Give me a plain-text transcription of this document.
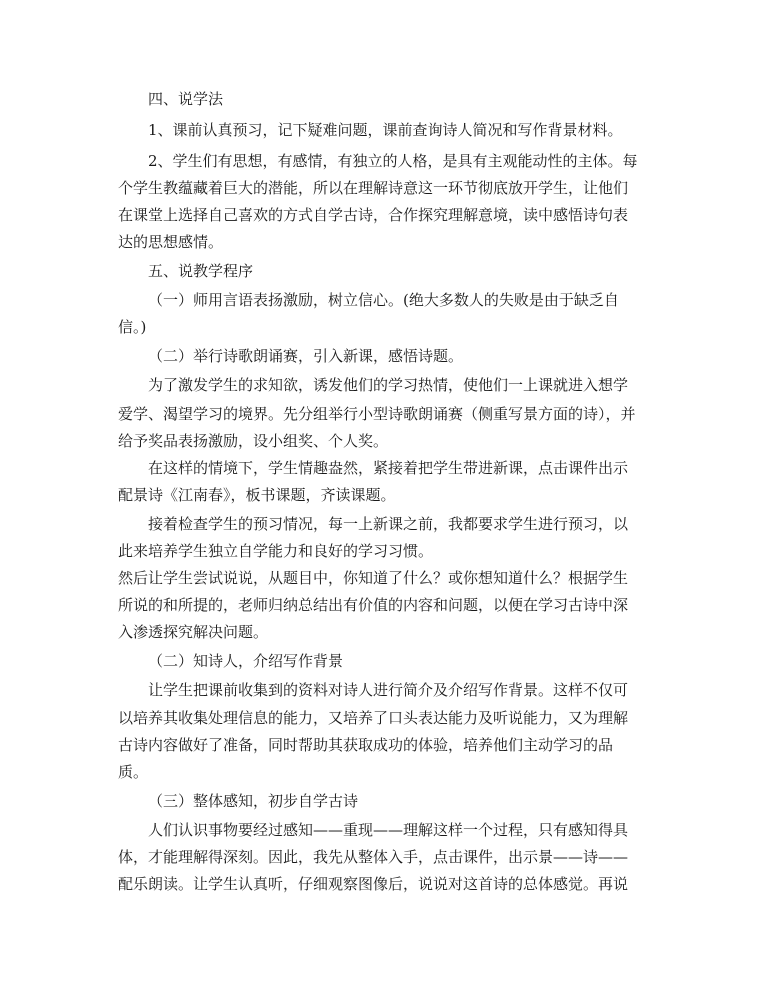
四、说学法

1、课前认真预习，记下疑难问题，课前查询诗人简况和写作背景材料。

2、学生们有思想，有感情，有独立的人格，是具有主观能动性的主体。每

个学生教蕴藏着巨大的潜能，所以在理解诗意这一环节彻底放开学生，让他们

在课堂上选择自己喜欢的方式自学古诗，合作探究理解意境，读中感悟诗句表

达的思想感情。

五、说教学程序

（一）师用言语表扬激励，树立信心。(绝大多数人的失败是由于缺乏自

信。)

（二）举行诗歌朗诵赛，引入新课，感悟诗题。

为了激发学生的求知欲，诱发他们的学习热情，使他们一上课就进入想学

爱学、渴望学习的境界。先分组举行小型诗歌朗诵赛（侧重写景方面的诗），并

给予奖品表扬激励，设小组奖、个人奖。

在这样的情境下，学生情趣盎然，紧接着把学生带进新课，点击课件出示

配景诗《江南春》，板书课题，齐读课题。

接着检查学生的预习情况，每一上新课之前，我都要求学生进行预习，以

此来培养学生独立自学能力和良好的学习习惯。

然后让学生尝试说说，从题目中，你知道了什么？或你想知道什么？根据学生

所说的和所提的，老师归纳总结出有价值的内容和问题，以便在学习古诗中深

入渗透探究解决问题。

（二）知诗人，介绍写作背景

让学生把课前收集到的资料对诗人进行简介及介绍写作背景。这样不仅可

以培养其收集处理信息的能力，又培养了口头表达能力及听说能力，又为理解

古诗内容做好了准备，同时帮助其获取成功的体验，培养他们主动学习的品

质。

（三）整体感知，初步自学古诗

人们认识事物要经过感知——重现——理解这样一个过程，只有感知得具

体，才能理解得深刻。因此，我先从整体入手，点击课件，出示景——诗——

配乐朗读。让学生认真听，仔细观察图像后，说说对这首诗的总体感觉。再说
